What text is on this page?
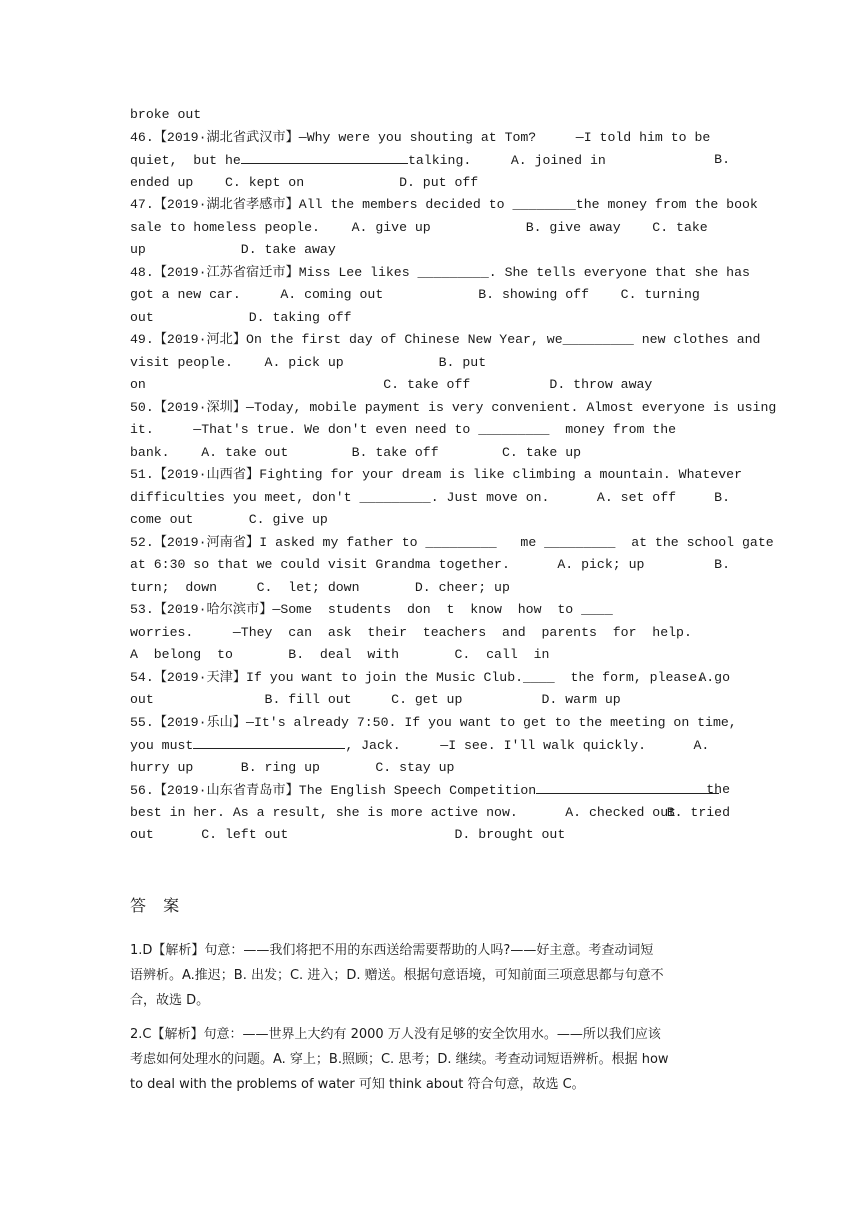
broke out
46.【2019·湖北省武汉市】—Why were you shouting at Tom?     —I told him to be
quiet,  but he	talking.     A. joined in	B.
ended up    C. kept on            D. put off
47.【2019·湖北省孝感市】All the members decided to ________the money from the book
sale to homeless people.    A. give up            B. give away    C. take
up            D. take away
48.【2019·江苏省宿迁市】Miss Lee likes _________. She tells everyone that she has
got a new car.     A. coming out            B. showing off    C. turning
out            D. taking off
49.【2019·河北】On the first day of Chinese New Year, we_________ new clothes and
visit people.    A. pick up            B. put
on                              C. take off          D. throw away
50.【2019·深圳】—Today, mobile payment is very convenient. Almost everyone is using
it.     —That's true. We don't even need to _________  money from the
bank.    A. take out        B. take off        C. take up
51.【2019·山西省】Fighting for your dream is like climbing a mountain. Whatever
difficulties you meet, don't _________. Just move on.      A. set off	B.
come out       C. give up
52.【2019·河南省】I asked my father to _________   me _________  at the school gate
at 6:30 so that we could visit Grandma together.      A. pick; up	B.
turn;  down     C.  let; down       D. cheer; up
53.【2019·哈尔滨市】—Some  students  don  t  know  how  to ____
worries.     —They  can  ask  their  teachers  and  parents  for  help.
A  belong  to       B.  deal  with       C.  call  in
54.【2019·天津】If you want to join the Music Club.____  the form, please.
A.go
out              B. fill out     C. get up          D. warm up
55.【2019·乐山】—It's already 7:50. If you want to get to the meeting on time,
you must	, Jack.     —I see. I'll walk quickly.      A.
hurry up      B. ring up       C. stay up
56.【2019·山东省青岛市】The English Speech Competition	the
best in her. As a result, she is more active now.      A. checked out
B. tried
out      C. left out                     D. brought out
答 案
1.D【解析】句意：——我们将把不用的东西送给需要帮助的人吗?——好主意。考查动词短
语辨析。A.推迟；B. 出发；C. 进入；D. 赠送。根据句意语境，可知前面三项意思都与句意不
合，故选 D。
2.C【解析】句意：——世界上大约有 2000 万人没有足够的安全饮用水。——所以我们应该
考虑如何处理水的问题。A. 穿上；B.照顾；C. 思考；D. 继续。考查动词短语辨析。根据 how
to deal with the problems of water 可知 think about 符合句意，故选 C。
